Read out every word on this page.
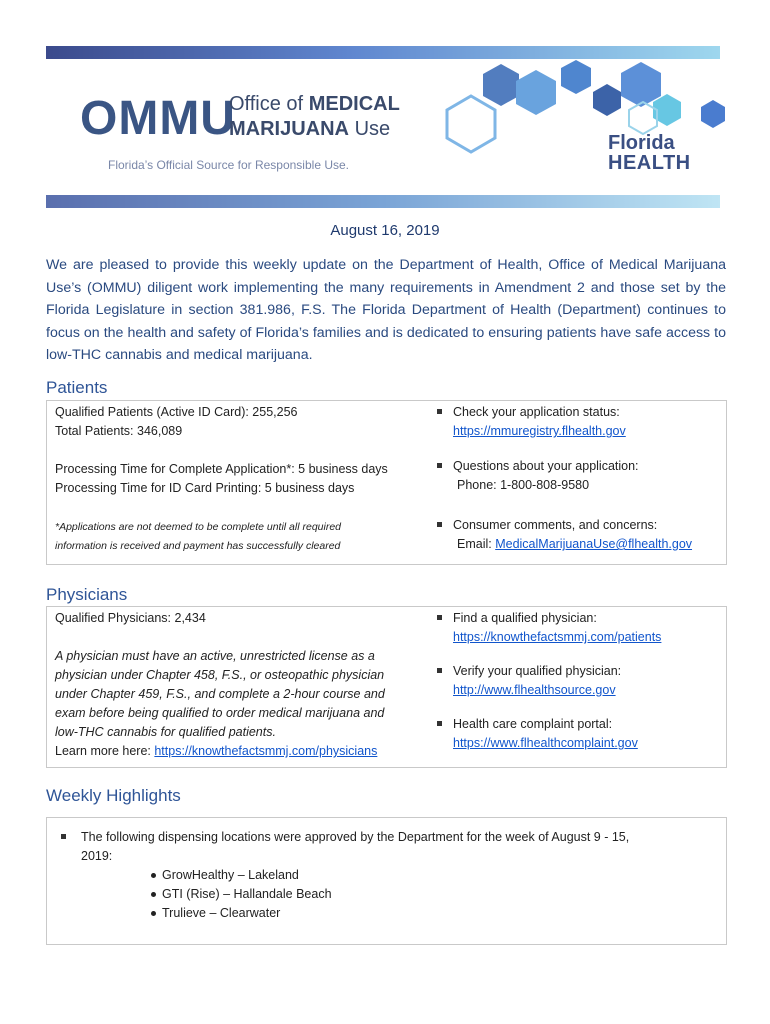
OMMU
Office of MEDICAL
MARIJUANA Use
Florida’s Official Source for Responsible Use.
Florida
HEALTH
August 16, 2019
We are pleased to provide this weekly update on the Department of Health, Office of Medical Marijuana Use’s (OMMU) diligent work implementing the many requirements in Amendment 2 and those set by the Florida Legislature in section 381.986, F.S. The Florida Department of Health (Department) continues to focus on the health and safety of Florida’s families and is dedicated to ensuring patients have safe access to low-THC cannabis and medical marijuana.
Patients
Qualified Patients (Active ID Card): 255,256
Total Patients: 346,089
Processing Time for Complete Application*: 5 business days
Processing Time for ID Card Printing: 5 business days
*Applications are not deemed to be complete until all required
information is received and payment has successfully cleared
Check your application status:
https://mmuregistry.flhealth.gov
Questions about your application:
Phone: 1-800-808-9580
Consumer comments, and concerns:
Email: MedicalMarijuanaUse@flhealth.gov
Physicians
Qualified Physicians: 2,434
A physician must have an active, unrestricted license as a
physician under Chapter 458, F.S., or osteopathic physician
under Chapter 459, F.S., and complete a 2-hour course and
exam before being qualified to order medical marijuana and
low-THC cannabis for qualified patients.
Learn more here: https://knowthefactsmmj.com/physicians
Find a qualified physician:
https://knowthefactsmmj.com/patients
Verify your qualified physician:
http://www.flhealthsource.gov
Health care complaint portal:
https://www.flhealthcomplaint.gov
Weekly Highlights
The following dispensing locations were approved by the Department for the week of August 9 - 15,
2019:
GrowHealthy – Lakeland
GTI (Rise) – Hallandale Beach
Trulieve – Clearwater
